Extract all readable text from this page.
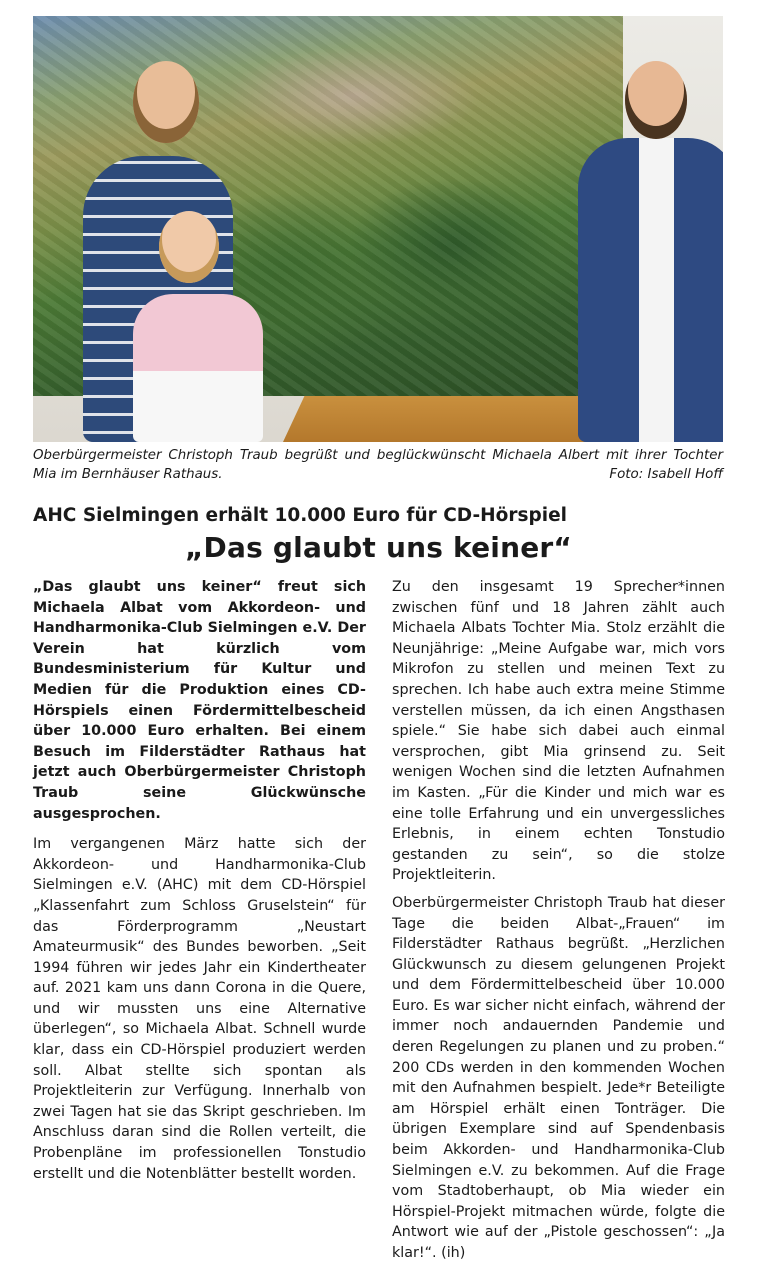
Oberbürgermeister Christoph Traub begrüßt und beglückwünscht Michaela Albert mit ihrer Tochter Mia im Bernhäuser Rathaus.	Foto: Isabell Hoff
AHC Sielmingen erhält 10.000 Euro für CD-Hörspiel
„Das glaubt uns keiner“

„Das glaubt uns keiner“ freut sich Michaela Albat vom Akkordeon- und Handharmonika-Club Sielmingen e.V. Der Verein hat kürzlich vom Bundesministerium für Kultur und Medien für die Produktion eines CD-Hörspiels einen Fördermittelbescheid über 10.000 Euro erhalten. Bei einem Besuch im Filderstädter Rathaus hat jetzt auch Oberbürgermeister Christoph Traub seine Glückwünsche ausgesprochen.

Im vergangenen März hatte sich der Akkordeon- und Handharmonika-Club Sielmingen e.V. (AHC) mit dem CD-Hörspiel „Klassenfahrt zum Schloss Gruselstein“ für das Förderprogramm „Neustart Amateurmusik“ des Bundes beworben. „Seit 1994 führen wir jedes Jahr ein Kindertheater auf. 2021 kam uns dann Corona in die Quere, und wir mussten uns eine Alternative überlegen“, so Michaela Albat. Schnell wurde klar, dass ein CD-Hörspiel produziert werden soll. Albat stellte sich spontan als Projektleiterin zur Verfügung. Innerhalb von zwei Tagen hat sie das Skript geschrieben. Im Anschluss daran sind die Rollen verteilt, die Probenpläne im professionellen Tonstudio erstellt und die Notenblätter bestellt worden.

Zu den insgesamt 19 Sprecher*innen zwischen fünf und 18 Jahren zählt auch Michaela Albats Tochter Mia. Stolz erzählt die Neunjährige: „Meine Aufgabe war, mich vors Mikrofon zu stellen und meinen Text zu sprechen. Ich habe auch extra meine Stimme verstellen müssen, da ich einen Angsthasen spiele.“ Sie habe sich dabei auch einmal versprochen, gibt Mia grinsend zu. Seit wenigen Wochen sind die letzten Aufnahmen im Kasten. „Für die Kinder und mich war es eine tolle Erfahrung und ein unvergessliches Erlebnis, in einem echten Tonstudio gestanden zu sein“, so die stolze Projektleiterin.

Oberbürgermeister Christoph Traub hat dieser Tage die beiden Albat-„Frauen“ im Filderstädter Rathaus begrüßt. „Herzlichen Glückwunsch zu diesem gelungenen Projekt und dem Fördermittelbescheid über 10.000 Euro. Es war sicher nicht einfach, während der immer noch andauernden Pandemie und deren Regelungen zu planen und zu proben.“ 200 CDs werden in den kommenden Wochen mit den Aufnahmen bespielt. Jede*r Beteiligte am Hörspiel erhält einen Tonträger. Die übrigen Exemplare sind auf Spendenbasis beim Akkorden- und Handharmonika-Club Sielmingen e.V. zu bekommen. Auf die Frage vom Stadtoberhaupt, ob Mia wieder ein Hörspiel-Projekt mitmachen würde, folgte die Antwort wie auf der „Pistole geschossen“: „Ja klar!“. (ih)
